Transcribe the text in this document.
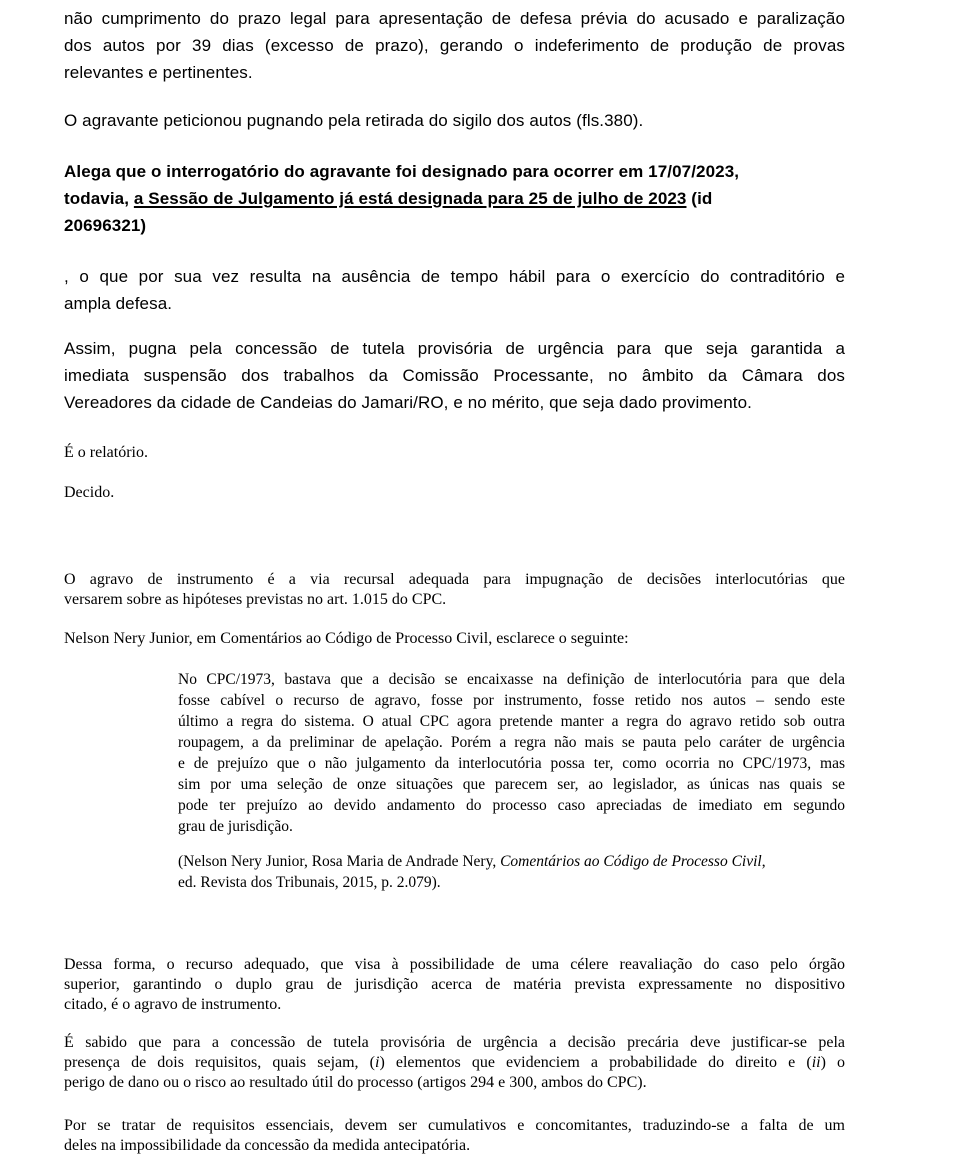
não cumprimento do prazo legal para apresentação de defesa prévia do acusado e paralização
dos autos por 39 dias (excesso de prazo), gerando o indeferimento de produção de provas
relevantes e pertinentes.
O agravante peticionou pugnando pela retirada do sigilo dos autos (fls.380).
Alega que o interrogatório do agravante foi designado para ocorrer em 17/07/2023,
todavia, a Sessão de Julgamento já está designada para 25 de julho de 2023 (id
20696321)
, o que por sua vez resulta na ausência de tempo hábil para o exercício do contraditório e
ampla defesa.
Assim, pugna pela concessão de tutela provisória de urgência para que seja garantida a
imediata suspensão dos trabalhos da Comissão Processante, no âmbito da Câmara dos
Vereadores da cidade de Candeias do Jamari/RO, e no mérito, que seja dado provimento.
É o relatório.
Decido.
O agravo de instrumento é a via recursal adequada para impugnação de decisões interlocutórias que
versarem sobre as hipóteses previstas no art. 1.015 do CPC.
Nelson Nery Junior, em Comentários ao Código de Processo Civil, esclarece o seguinte:
No CPC/1973, bastava que a decisão se encaixasse na definição de interlocutória para que dela
fosse cabível o recurso de agravo, fosse por instrumento, fosse retido nos autos – sendo este
último a regra do sistema. O atual CPC agora pretende manter a regra do agravo retido sob outra
roupagem, a da preliminar de apelação. Porém a regra não mais se pauta pelo caráter de urgência
e de prejuízo que o não julgamento da interlocutória possa ter, como ocorria no CPC/1973, mas
sim por uma seleção de onze situações que parecem ser, ao legislador, as únicas nas quais se
pode ter prejuízo ao devido andamento do processo caso apreciadas de imediato em segundo
grau de jurisdição.
(Nelson Nery Junior, Rosa Maria de Andrade Nery, Comentários ao Código de Processo Civil,
ed. Revista dos Tribunais, 2015, p. 2.079).
Dessa forma, o recurso adequado, que visa à possibilidade de uma célere reavaliação do caso pelo órgão
superior, garantindo o duplo grau de jurisdição acerca de matéria prevista expressamente no dispositivo
citado, é o agravo de instrumento.
É sabido que para a concessão de tutela provisória de urgência a decisão precária deve justificar-se pela
presença de dois requisitos, quais sejam, (i) elementos que evidenciem a probabilidade do direito e (ii) o
perigo de dano ou o risco ao resultado útil do processo (artigos 294 e 300, ambos do CPC).
Por se tratar de requisitos essenciais, devem ser cumulativos e concomitantes, traduzindo-se a falta de um
deles na impossibilidade da concessão da medida antecipatória.
